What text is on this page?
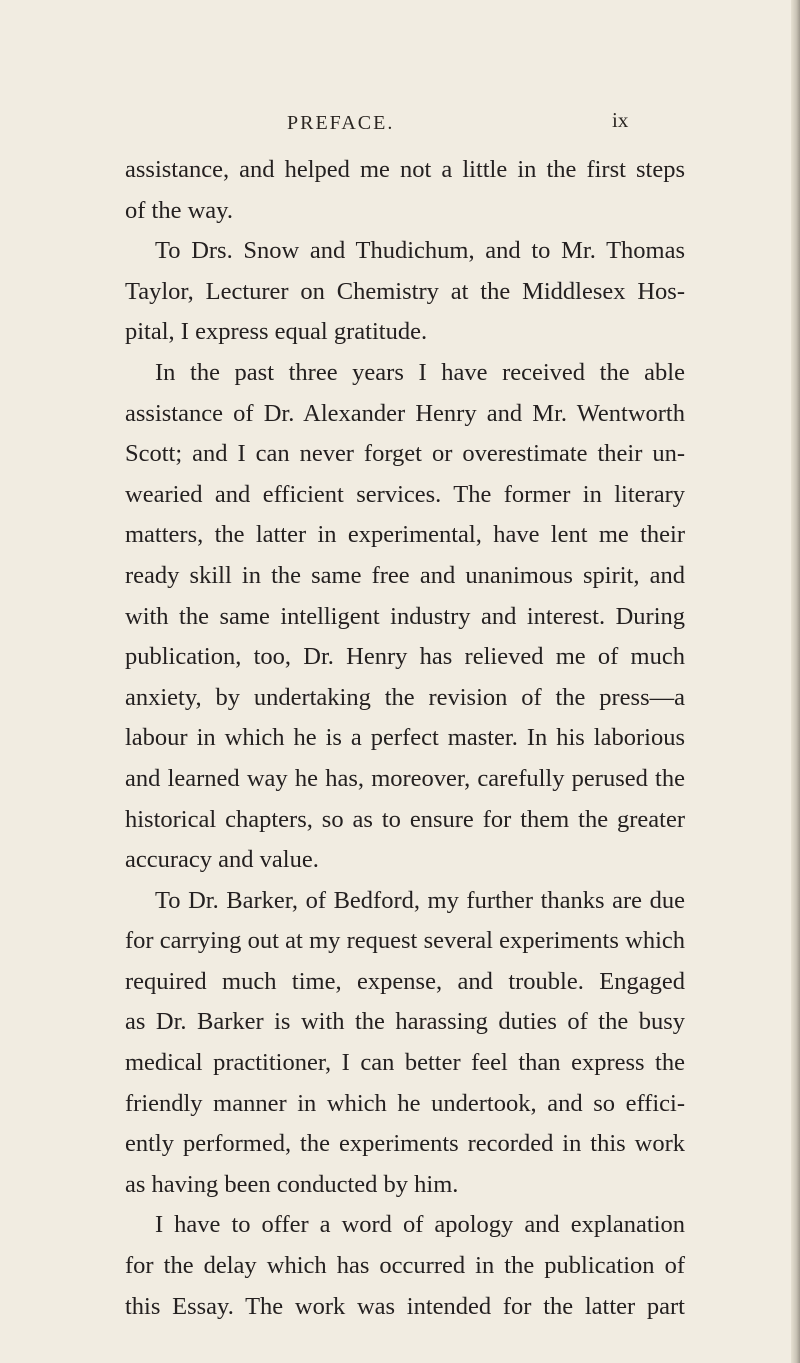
PREFACE.	ix
assistance, and helped me not a little in the first steps
of the way.
To Drs. Snow and Thudichum, and to Mr. Thomas
Taylor, Lecturer on Chemistry at the Middlesex Hos-
pital, I express equal gratitude.
In the past three years I have received the able
assistance of Dr. Alexander Henry and Mr. Wentworth
Scott; and I can never forget or overestimate their un-
wearied and efficient services. The former in literary
matters, the latter in experimental, have lent me their
ready skill in the same free and unanimous spirit, and
with the same intelligent industry and interest. During
publication, too, Dr. Henry has relieved me of much
anxiety, by undertaking the revision of the press—a
labour in which he is a perfect master. In his laborious
and learned way he has, moreover, carefully perused the
historical chapters, so as to ensure for them the greater
accuracy and value.
To Dr. Barker, of Bedford, my further thanks are due
for carrying out at my request several experiments which
required much time, expense, and trouble. Engaged
as Dr. Barker is with the harassing duties of the busy
medical practitioner, I can better feel than express the
friendly manner in which he undertook, and so effici-
ently performed, the experiments recorded in this work
as having been conducted by him.
I have to offer a word of apology and explanation
for the delay which has occurred in the publication of
this Essay. The work was intended for the latter part
